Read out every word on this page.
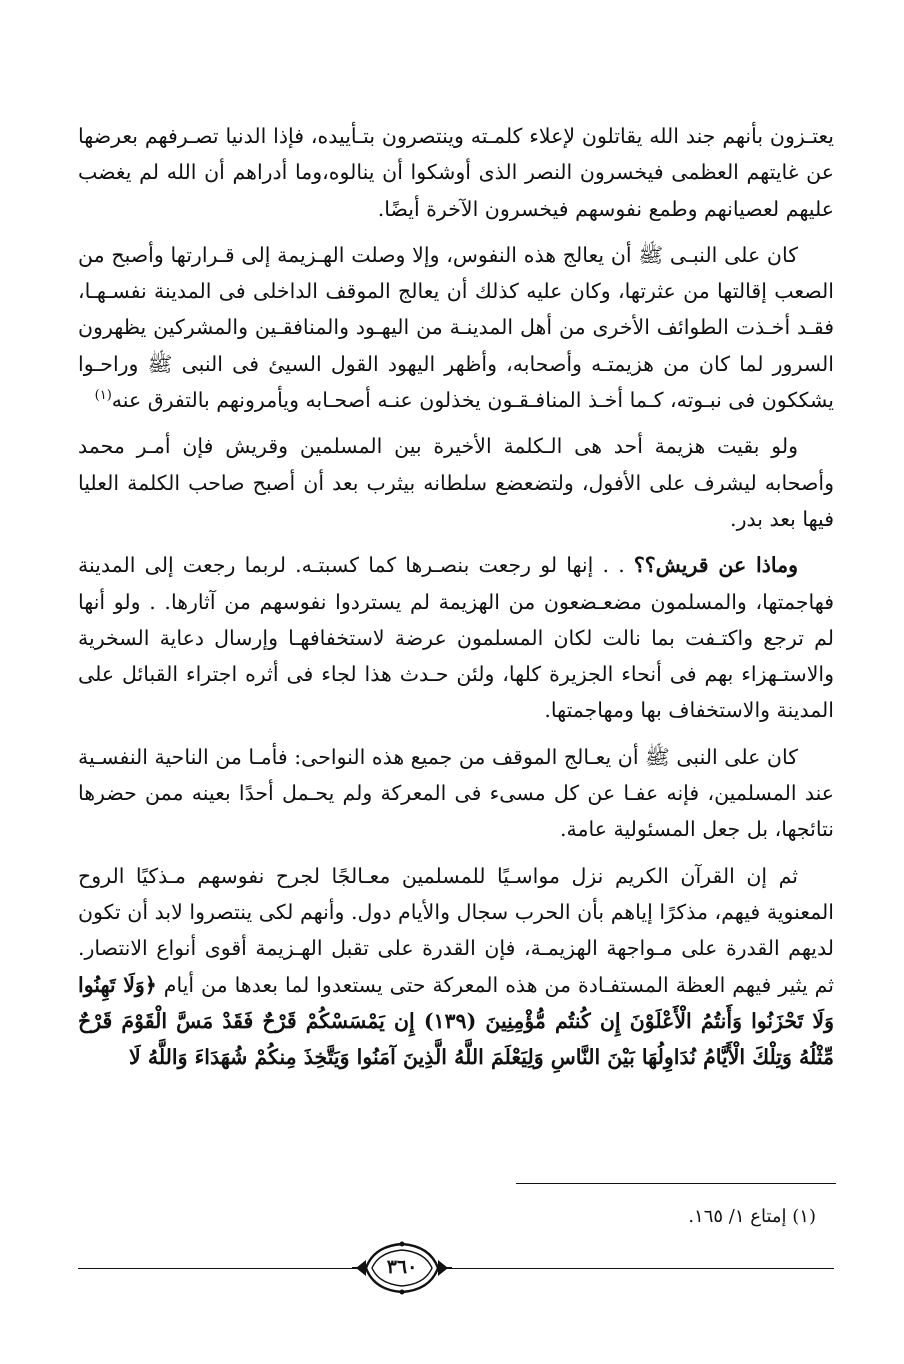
يعتـزون بأنهم جند الله يقاتلون لإعلاء كلمـته وينتصرون بتـأييده، فإذا الدنيا تصـرفهم بعرضها عن غايتهم العظمى فيخسرون النصر الذى أوشكوا أن ينالوه،وما أدراهم أن الله لم يغضب عليهم لعصيانهم وطمع نفوسهم فيخسرون الآخرة أيضًا.

كان على النبـى ﷺ أن يعالج هذه النفوس، وإلا وصلت الهـزيمة إلى قـرارتها وأصبح من الصعب إقالتها من عثرتها، وكان عليه كذلك أن يعالج الموقف الداخلى فى المدينة نفسـهـا، فقـد أخـذت الطوائف الأخرى من أهل المدينـة من اليهـود والمنافقـين والمشركين يظهرون السرور لما كان من هزيمتـه وأصحابه، وأظهر اليهود القول السيئ فى النبى ﷺ وراحـوا يشككون فى نبـوته، كـما أخـذ المنافـقـون يخذلون عنـه أصحـابه ويأمرونهم بالتفرق عنه$^{(١)}$

ولو بقيت هزيمة أحد هى الـكلمة الأخيرة بين المسلمين وقريش فإن أمـر محمد وأصحابه ليشرف على الأفول، ولتضعضع سلطانه بيثرب بعد أن أصبح صاحب الكلمة العليا فيها بعد بدر.

وماذا عن قريش؟؟ . . إنها لو رجعت بنصـرها كما كسبتـه. لربما رجعت إلى المدينة فهاجمتها، والمسلمون مضعـضعون من الهزيمة لم يستردوا نفوسهم من آثارها. . ولو أنها لم ترجع واكتـفت بما نالت لكان المسلمون عرضة لاستخفافهـا وإرسال دعاية السخرية والاستـهزاء بهم فى أنحاء الجزيرة كلها، ولئن حـدث هذا لجاء فى أثره اجتراء القبائل على المدينة والاستخفاف بها ومهاجمتها.

كان على النبى ﷺ أن يعـالج الموقف من جميع هذه النواحى: فأمـا من الناحية النفسـية عند المسلمين، فإنه عفـا عن كل مسىء فى المعركة ولم يحـمل أحدًا بعينه ممن حضرها نتائجها، بل جعل المسئولية عامة.

ثم إن القرآن الكريم نزل مواسـيًا للمسلمين معـالجًا لجرح نفوسهم مـذكيًا الروح المعنوية فيهم، مذكرًا إياهم بأن الحرب سجال والأيام دول. وأنهم لكى ينتصروا لابد أن تكون لديهم القدرة على مـواجهة الهزيمـة، فإن القدرة على تقبل الهـزيمة أقوى أنواع الانتصار. ثم يثير فيهم العظة المستفـادة من هذه المعركة حتى يستعدوا لما بعدها من أيام ﴿وَلَا تَهِنُوا وَلَا تَحْزَنُوا وَأَنتُمُ الْأَعْلَوْنَ إِن كُنتُم مُّؤْمِنِينَ (١٣٩) إِن يَمْسَسْكُمْ قَرْحٌ فَقَدْ مَسَّ الْقَوْمَ قَرْحٌ مِّثْلُهُ وَتِلْكَ الْأَيَّامُ نُدَاوِلُهَا بَيْنَ النَّاسِ وَلِيَعْلَمَ اللَّهُ الَّذِينَ آمَنُوا وَيَتَّخِذَ مِنكُمْ شُهَدَاءَ وَاللَّهُ لَا

(١) إمتاع ١/ ١٦٥.
٣٦٠
